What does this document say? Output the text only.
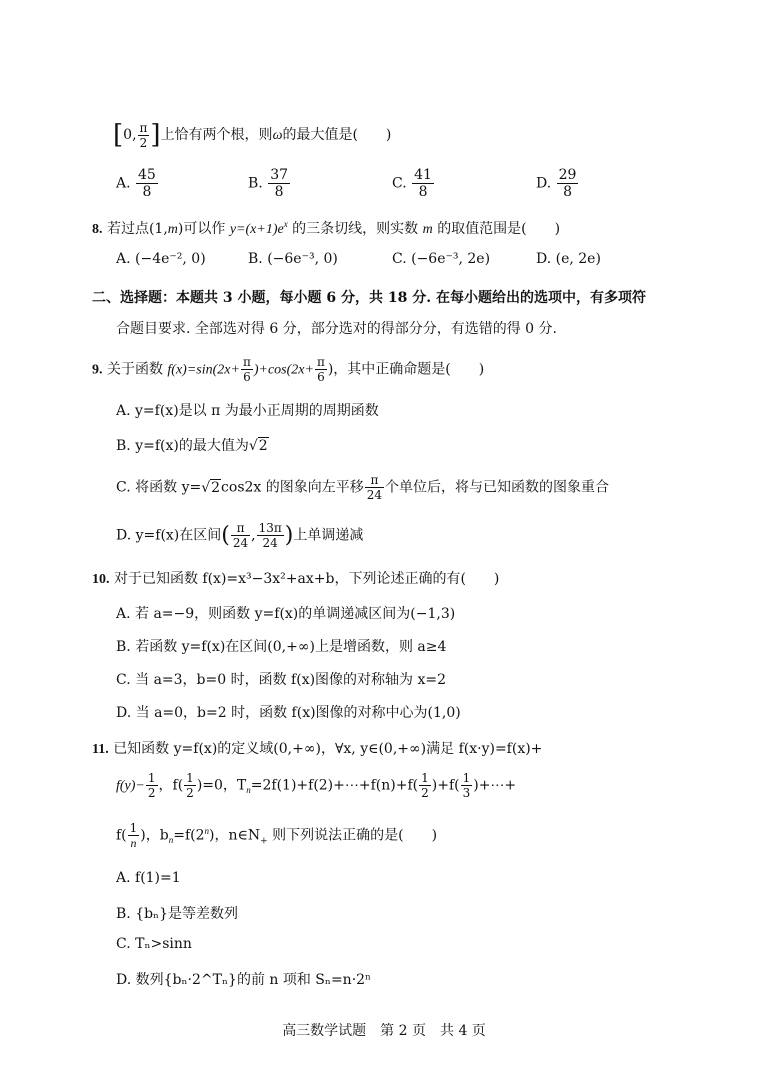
[0, $\frac{\pi}{2}$ ]上恰有两个根，则ω的最大值是(　　)
A. $\frac{45}{8}$	B. $\frac{37}{8}$	C. $\frac{41}{8}$	D. $\frac{29}{8}$
8. 若过点(1,m)可以作 $y=(x+1)e^x$ 的三条切线，则实数 m 的取值范围是(　　)
A. (−4e⁻², 0)	B. (−6e⁻³, 0)	C. (−6e⁻³, 2e)	D. (e, 2e)
二、选择题：本题共 3 小题，每小题 6 分，共 18 分. 在每小题给出的选项中，有多项符
合题目要求. 全部选对得 6 分，部分选对的得部分分，有选错的得 0 分.
9. 关于函数 $f(x)=\sin(2x+ \frac{\pi}{6} )+\cos(2x+ \frac{\pi}{6}$ )，其中正确命题是(　　)
A. y=f(x)是以 π 为最小正周期的周期函数
B. y=f(x)的最大值为√2
C. 将函数 y=√2cos2x 的图象向左平移 $\frac{\pi}{24}$ 个单位后，将与已知函数的图象重合
D. y=f(x)在区间( $\frac{\pi}{24}$ , $\frac{13\pi}{24}$ )上单调递减
10. 对于已知函数 f(x)=x³−3x²+ax+b，下列论述正确的有(　　)
A. 若 a=−9，则函数 y=f(x)的单调递减区间为(−1,3)
B. 若函数 y=f(x)在区间(0,+∞)上是增函数，则 a≥4
C. 当 a=3，b=0 时，函数 f(x)图像的对称轴为 x=2
D. 当 a=0，b=2 时，函数 f(x)图像的对称中心为(1,0)
11. 已知函数 y=f(x)的定义域(0,+∞)，∀x, y∈(0,+∞)满足 f(x·y)=f(x)+
$f(y)- \frac{1}{2}$ ，$f( \frac{1}{2} )=0$，$T_n=2f(1)+f(2)+\cdots+f(n)+f( \frac{1}{2} )+f( \frac{1}{3}$ )+⋯+
$f( \frac{1}{n}$ )，$b_n=f(2^n)$，$n\in N_+$ 则下列说法正确的是(　　)
A. f(1)=1
B. {bₙ}是等差数列
C. Tₙ>sinn
D. 数列{bₙ·2^Tₙ}的前 n 项和 Sₙ=n·2ⁿ
高三数学试题　第 2 页　共 4 页
